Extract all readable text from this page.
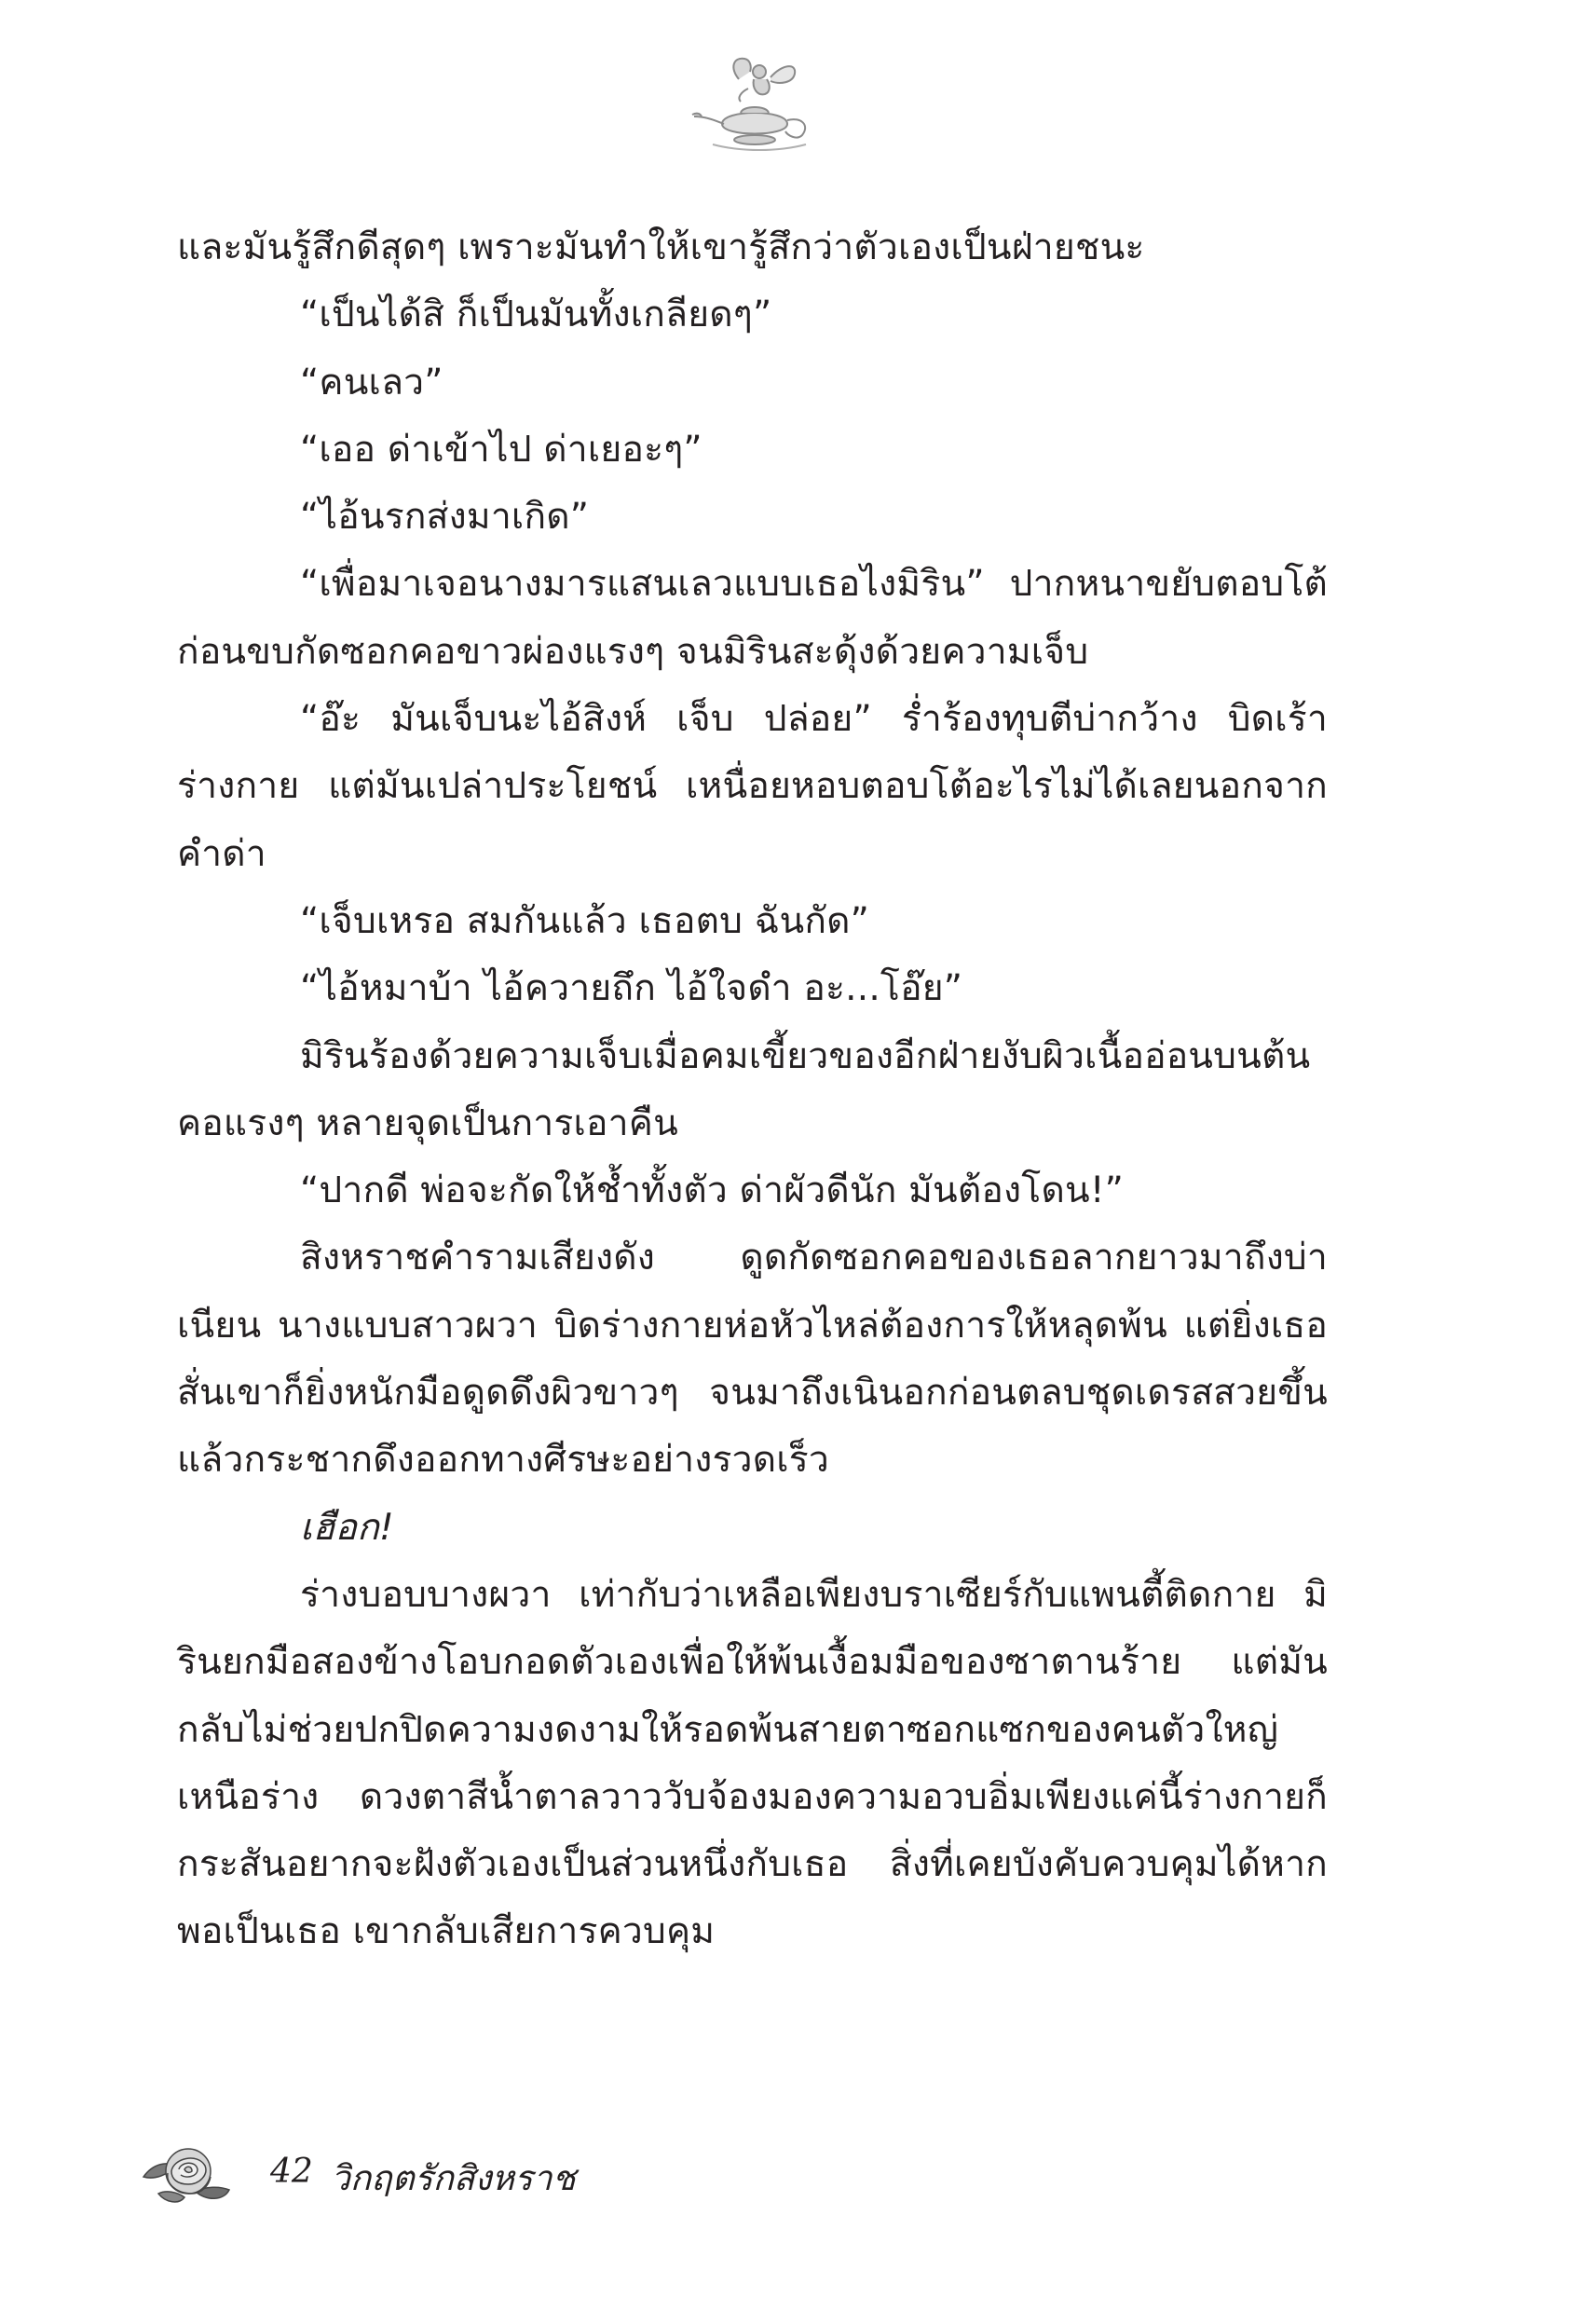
และมันรู้สึกดีสุดๆ เพราะมันทำให้เขารู้สึกว่าตัวเองเป็นฝ่ายชนะ

“เป็นได้สิ ก็เป็นมันทั้งเกลียดๆ”

“คนเลว”

“เออ ด่าเข้าไป ด่าเยอะๆ”

“ไอ้นรกส่งมาเกิด”

“เพื่อมาเจอนางมารแสนเลวแบบเธอไงมิริน” ปากหนาขยับตอบโต้ก่อนขบกัดซอกคอขาวผ่องแรงๆ จนมิรินสะดุ้งด้วยความเจ็บ

“อ๊ะ มันเจ็บนะไอ้สิงห์ เจ็บ ปล่อย” ร่ำร้องทุบตีบ่ากว้าง บิดเร้าร่างกาย แต่มันเปล่าประโยชน์ เหนื่อยหอบตอบโต้อะไรไม่ได้เลยนอกจากคำด่า

“เจ็บเหรอ สมกันแล้ว เธอตบ ฉันกัด”

“ไอ้หมาบ้า ไอ้ควายถึก ไอ้ใจดำ อะ...โอ๊ย”

มิรินร้องด้วยความเจ็บเมื่อคมเขี้ยวของอีกฝ่ายงับผิวเนื้ออ่อนบนต้นคอแรงๆ หลายจุดเป็นการเอาคืน

“ปากดี พ่อจะกัดให้ช้ำทั้งตัว ด่าผัวดีนัก มันต้องโดน!”

สิงหราชคำรามเสียงดัง ดูดกัดซอกคอของเธอลากยาวมาถึงบ่าเนียน นางแบบสาวผวา บิดร่างกายห่อหัวไหล่ต้องการให้หลุดพ้น แต่ยิ่งเธอสั่นเขาก็ยิ่งหนักมือดูดดึงผิวขาวๆ จนมาถึงเนินอกก่อนตลบชุดเดรสสวยขึ้นแล้วกระชากดึงออกทางศีรษะอย่างรวดเร็ว

เฮือก!

ร่างบอบบางผวา เท่ากับว่าเหลือเพียงบราเซียร์กับแพนตี้ติดกาย มิรินยกมือสองข้างโอบกอดตัวเองเพื่อให้พ้นเงื้อมมือของซาตานร้าย แต่มันกลับไม่ช่วยปกปิดความงดงามให้รอดพ้นสายตาซอกแซกของคนตัวใหญ่เหนือร่าง ดวงตาสีน้ำตาลวาววับจ้องมองความอวบอิ่มเพียงแค่นี้ร่างกายก็กระสันอยากจะฝังตัวเองเป็นส่วนหนึ่งกับเธอ สิ่งที่เคยบังคับควบคุมได้หากพอเป็นเธอ เขากลับเสียการควบคุม

42 วิกฤตรักสิงหราช
